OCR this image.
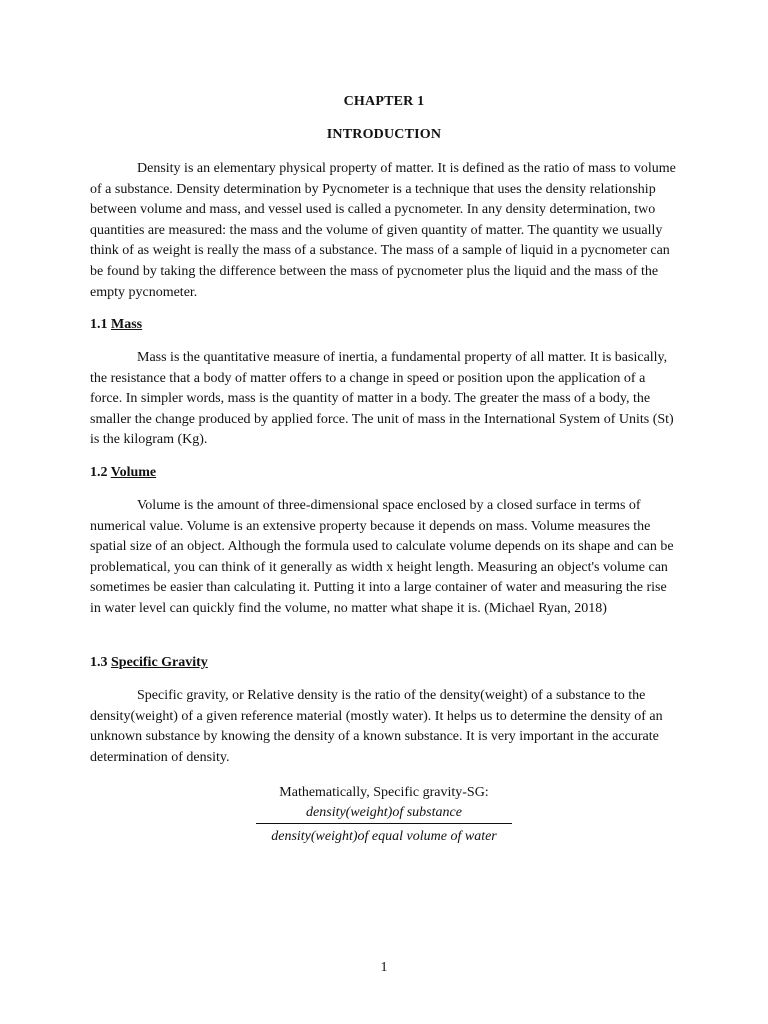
CHAPTER 1
INTRODUCTION

Density is an elementary physical property of matter. It is defined as the ratio of mass to volume of a substance. Density determination by Pycnometer is a technique that uses the density relationship between volume and mass, and vessel used is called a pycnometer. In any density determination, two quantities are measured: the mass and the volume of given quantity of matter. The quantity we usually think of as weight is really the mass of a substance. The mass of a sample of liquid in a pycnometer can be found by taking the difference between the mass of pycnometer plus the liquid and the mass of the empty pycnometer.

1.1 Mass

Mass is the quantitative measure of inertia, a fundamental property of all matter. It is basically, the resistance that a body of matter offers to a change in speed or position upon the application of a force. In simpler words, mass is the quantity of matter in a body. The greater the mass of a body, the smaller the change produced by applied force. The unit of mass in the International System of Units (St) is the kilogram (Kg).

1.2 Volume

Volume is the amount of three-dimensional space enclosed by a closed surface in terms of numerical value. Volume is an extensive property because it depends on mass. Volume measures the spatial size of an object. Although the formula used to calculate volume depends on its shape and can be problematical, you can think of it generally as width x height length. Measuring an object's volume can sometimes be easier than calculating it. Putting it into a large container of water and measuring the rise in water level can quickly find the volume, no matter what shape it is. (Michael Ryan, 2018)

1.3 Specific Gravity

Specific gravity, or Relative density is the ratio of the density(weight) of a substance to the density(weight) of a given reference material (mostly water). It helps us to determine the density of an unknown substance by knowing the density of a known substance. It is very important in the accurate determination of density.

Mathematically, Specific gravity-SG:
density(weight)of substance
density(weight)of equal volume of water
1
